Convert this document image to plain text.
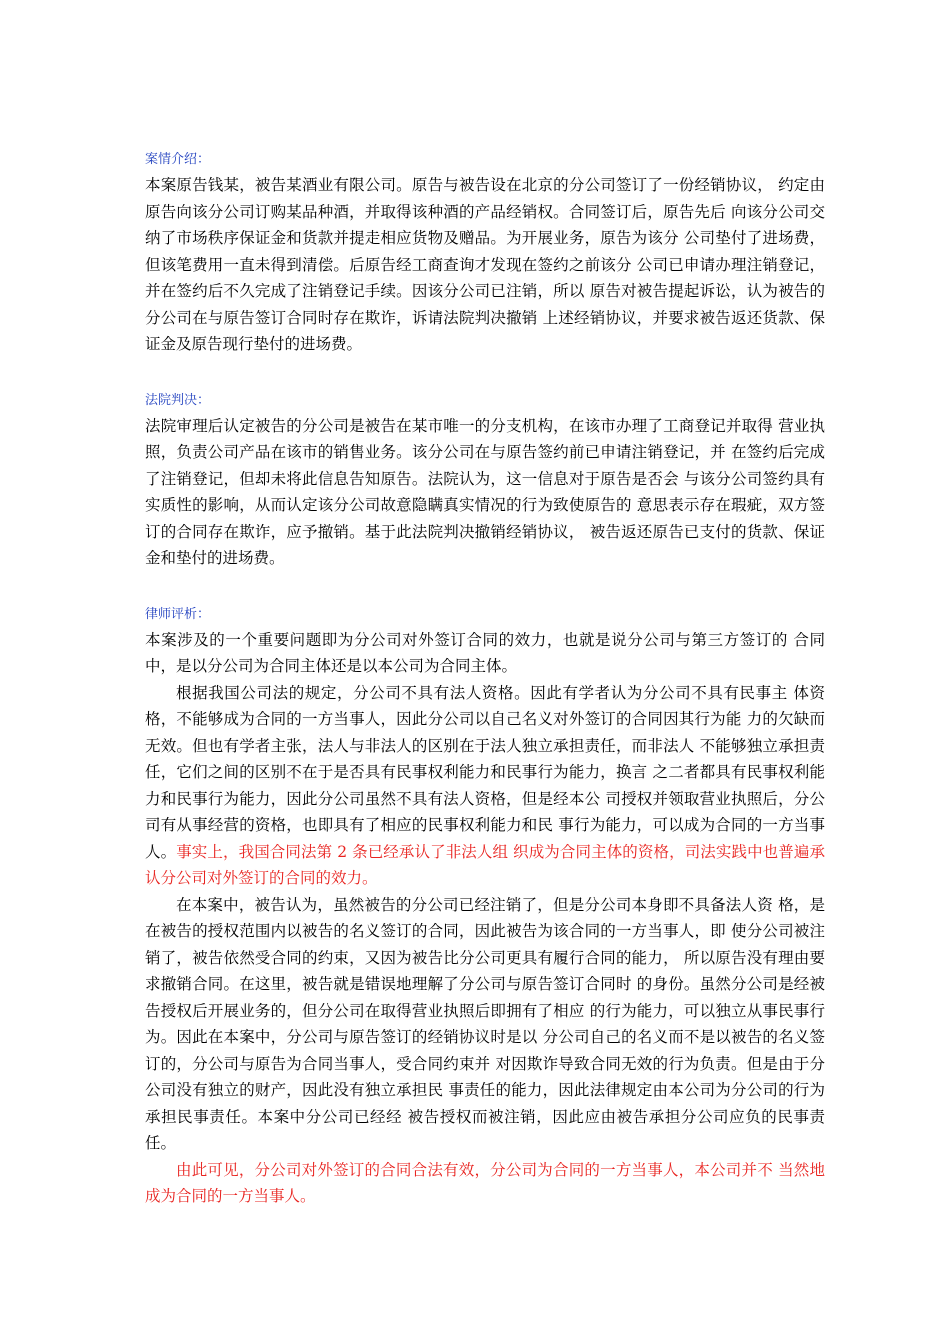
案情介绍：

本案原告钱某，被告某酒业有限公司。原告与被告设在北京的分公司签订了一份经销协议， 约定由原告向该分公司订购某品种酒，并取得该种酒的产品经销权。合同签订后，原告先后 向该分公司交纳了市场秩序保证金和货款并提走相应货物及赠品。为开展业务，原告为该分 公司垫付了进场费，但该笔费用一直未得到清偿。后原告经工商查询才发现在签约之前该分 公司已申请办理注销登记，并在签约后不久完成了注销登记手续。因该分公司已注销，所以 原告对被告提起诉讼，认为被告的分公司在与原告签订合同时存在欺诈，诉请法院判决撤销 上述经销协议，并要求被告返还货款、保证金及原告现行垫付的进场费。

法院判决：

法院审理后认定被告的分公司是被告在某市唯一的分支机构，在该市办理了工商登记并取得 营业执照，负责公司产品在该市的销售业务。该分公司在与原告签约前已申请注销登记，并 在签约后完成了注销登记，但却未将此信息告知原告。法院认为，这一信息对于原告是否会 与该分公司签约具有实质性的影响，从而认定该分公司故意隐瞒真实情况的行为致使原告的 意思表示存在瑕疵，双方签订的合同存在欺诈，应予撤销。基于此法院判决撤销经销协议， 被告返还原告已支付的货款、保证金和垫付的进场费。

律师评析：

本案涉及的一个重要问题即为分公司对外签订合同的效力，也就是说分公司与第三方签订的 合同中，是以分公司为合同主体还是以本公司为合同主体。

根据我国公司法的规定，分公司不具有法人资格。因此有学者认为分公司不具有民事主 体资格，不能够成为合同的一方当事人，因此分公司以自己名义对外签订的合同因其行为能 力的欠缺而无效。但也有学者主张，法人与非法人的区别在于法人独立承担责任，而非法人 不能够独立承担责任，它们之间的区别不在于是否具有民事权利能力和民事行为能力，换言 之二者都具有民事权利能力和民事行为能力，因此分公司虽然不具有法人资格，但是经本公 司授权并领取营业执照后，分公司有从事经营的资格，也即具有了相应的民事权利能力和民 事行为能力，可以成为合同的一方当事人。事实上，我国合同法第 2 条已经承认了非法人组 织成为合同主体的资格，司法实践中也普遍承认分公司对外签订的合同的效力。

在本案中，被告认为，虽然被告的分公司已经注销了，但是分公司本身即不具备法人资 格，是在被告的授权范围内以被告的名义签订的合同，因此被告为该合同的一方当事人，即 使分公司被注销了，被告依然受合同的约束，又因为被告比分公司更具有履行合同的能力， 所以原告没有理由要求撤销合同。在这里，被告就是错误地理解了分公司与原告签订合同时 的身份。虽然分公司是经被告授权后开展业务的，但分公司在取得营业执照后即拥有了相应 的行为能力，可以独立从事民事行为。因此在本案中，分公司与原告签订的经销协议时是以 分公司自己的名义而不是以被告的名义签订的，分公司与原告为合同当事人，受合同约束并 对因欺诈导致合同无效的行为负责。但是由于分公司没有独立的财产，因此没有独立承担民 事责任的能力，因此法律规定由本公司为分公司的行为承担民事责任。本案中分公司已经经 被告授权而被注销，因此应由被告承担分公司应负的民事责任。

由此可见，分公司对外签订的合同合法有效，分公司为合同的一方当事人，本公司并不 当然地成为合同的一方当事人。
